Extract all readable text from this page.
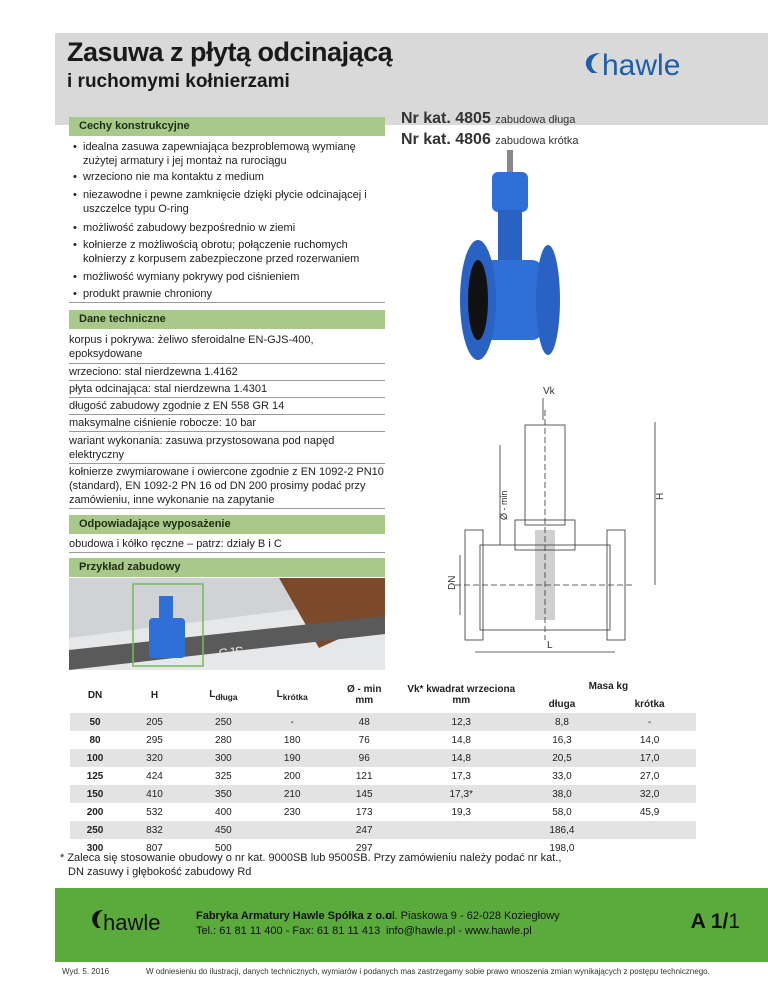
Zasuwa z płytą odcinającą
i ruchomymi kołnierzami	hawle
Nr kat. 4805 zabudowa długa
Nr kat. 4806 zabudowa krótka
Cechy konstrukcyjne
• idealna zasuwa zapewniająca bezproblemową wymianę zużytej armatury i jej montaż na rurociągu
• wrzeciono nie ma kontaktu z medium
• niezawodne i pewne zamknięcie dzięki płycie odcinającej i uszczelce typu O-ring
• możliwość zabudowy bezpośrednio w ziemi
• kołnierze z możliwością obrotu; połączenie ruchomych kołnierzy z korpusem zabezpieczone przed rozerwaniem
• możliwość wymiany pokrywy pod ciśnieniem
• produkt prawnie chroniony
Dane techniczne
korpus i pokrywa: żeliwo sferoidalne EN-GJS-400, epoksydowane
wrzeciono: stal nierdzewna 1.4162
płyta odcinająca: stal nierdzewna 1.4301
długość zabudowy zgodnie z EN 558 GR 14
maksymalne ciśnienie robocze: 10 bar
wariant wykonania: zasuwa przystosowana pod napęd elektryczny
kołnierze zwymiarowane i owiercone zgodnie z EN 1092-2 PN10 (standard), EN 1092-2 PN 16 od DN 200 prosimy podać przy zamówieniu, inne wykonanie na zapytanie
Odpowiadające wyposażenie
obudowa i kółko ręczne – patrz: działy B i C
Przykład zabudowy
GJS
Vk
H
Ø - min
DN
L
DN	H	$L_{długa}$	$L_{krótka}$	Ø - min
mm	Vk* kwadrat wrzeciona
mm	Masa kg	
						długa	krótka
50	205	250	-	48	12,3	8,8	-
80	295	280	180	76	14,8	16,3	14,0
100	320	300	190	96	14,8	20,5	17,0
125	424	325	200	121	17,3	33,0	27,0
150	410	350	210	145	17,3*	38,0	32,0
200	532	400	230	173	19,3	58,0	45,9
250	832	450		247		186,4	
300	807	500		297		198,0	
* Zaleca się stosowanie obudowy o nr kat. 9000SB lub 9500SB. Przy zamówieniu należy podać nr kat.,
DN zasuwy i głębokość zabudowy Rd
hawle	Fabryka Armatury Hawle Spółka z o.o.
Tel.: 61 81 11 400 - Fax: 61 81 11 413
ul. Piaskowa 9 - 62-028 Koziegłowy
info@hawle.pl - www.hawle.pl	A 1/1
Wyd. 5. 2016	W odniesieniu do ilustracji, danych technicznych, wymiarów i podanych mas zastrzegamy sobie prawo wnoszenia zmian wynikających z postępu technicznego.
